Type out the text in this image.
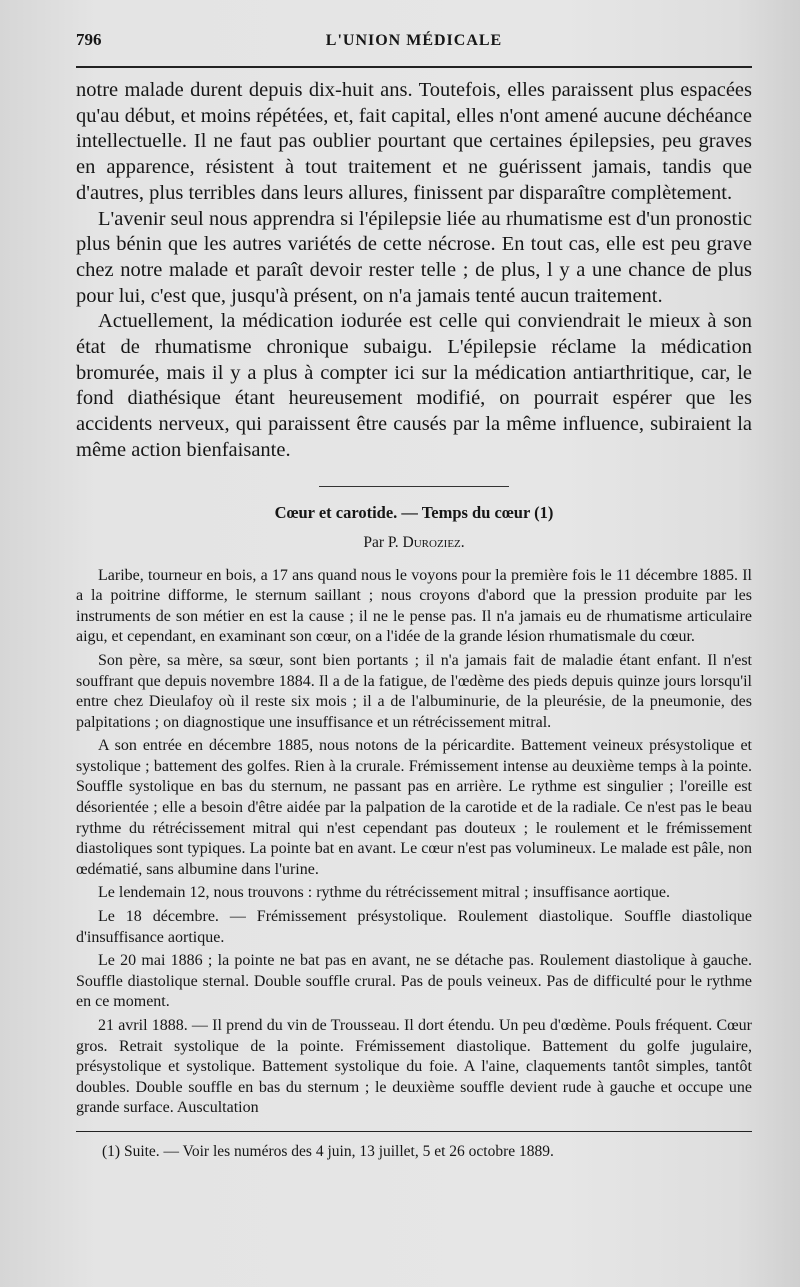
796	L'UNION MÉDICALE

notre malade durent depuis dix-huit ans. Toutefois, elles paraissent plus espacées qu'au début, et moins répétées, et, fait capital, elles n'ont amené aucune déchéance intellectuelle. Il ne faut pas oublier pourtant que certaines épilepsies, peu graves en apparence, résistent à tout traitement et ne guérissent jamais, tandis que d'autres, plus terribles dans leurs allures, finissent par disparaître complètement.

L'avenir seul nous apprendra si l'épilepsie liée au rhumatisme est d'un pronostic plus bénin que les autres variétés de cette nécrose. En tout cas, elle est peu grave chez notre malade et paraît devoir rester telle ; de plus, l y a une chance de plus pour lui, c'est que, jusqu'à présent, on n'a jamais tenté aucun traitement.

Actuellement, la médication iodurée est celle qui conviendrait le mieux à son état de rhumatisme chronique subaigu. L'épilepsie réclame la médication bromurée, mais il y a plus à compter ici sur la médication antiarthritique, car, le fond diathésique étant heureusement modifié, on pourrait espérer que les accidents nerveux, qui paraissent être causés par la même influence, subiraient la même action bienfaisante.

Cœur et carotide. — Temps du cœur (1)
Par P. Duroziez.

Laribe, tourneur en bois, a 17 ans quand nous le voyons pour la première fois le 11 décembre 1885. Il a la poitrine difforme, le sternum saillant ; nous croyons d'abord que la pression produite par les instruments de son métier en est la cause ; il ne le pense pas. Il n'a jamais eu de rhumatisme articulaire aigu, et cependant, en examinant son cœur, on a l'idée de la grande lésion rhumatismale du cœur.

Son père, sa mère, sa sœur, sont bien portants ; il n'a jamais fait de maladie étant enfant. Il n'est souffrant que depuis novembre 1884. Il a de la fatigue, de l'œdème des pieds depuis quinze jours lorsqu'il entre chez Dieulafoy où il reste six mois ; il a de l'albuminurie, de la pleurésie, de la pneumonie, des palpitations ; on diagnostique une insuffisance et un rétrécissement mitral.

A son entrée en décembre 1885, nous notons de la péricardite. Battement veineux présystolique et systolique ; battement des golfes. Rien à la crurale. Frémissement intense au deuxième temps à la pointe. Souffle systolique en bas du sternum, ne passant pas en arrière. Le rythme est singulier ; l'oreille est désorientée ; elle a besoin d'être aidée par la palpation de la carotide et de la radiale. Ce n'est pas le beau rythme du rétrécissement mitral qui n'est cependant pas douteux ; le roulement et le frémissement diastoliques sont typiques. La pointe bat en avant. Le cœur n'est pas volumineux. Le malade est pâle, non œdématié, sans albumine dans l'urine.

Le lendemain 12, nous trouvons : rythme du rétrécissement mitral ; insuffisance aortique.

Le 18 décembre. — Frémissement présystolique. Roulement diastolique. Souffle diastolique d'insuffisance aortique.

Le 20 mai 1886 ; la pointe ne bat pas en avant, ne se détache pas. Roulement diastolique à gauche. Souffle diastolique sternal. Double souffle crural. Pas de pouls veineux. Pas de difficulté pour le rythme en ce moment.

21 avril 1888. — Il prend du vin de Trousseau. Il dort étendu. Un peu d'œdème. Pouls fréquent. Cœur gros. Retrait systolique de la pointe. Frémissement diastolique. Battement du golfe jugulaire, présystolique et systolique. Battement systolique du foie. A l'aine, claquements tantôt simples, tantôt doubles. Double souffle en bas du sternum ; le deuxième souffle devient rude à gauche et occupe une grande surface. Auscultation

(1) Suite. — Voir les numéros des 4 juin, 13 juillet, 5 et 26 octobre 1889.
